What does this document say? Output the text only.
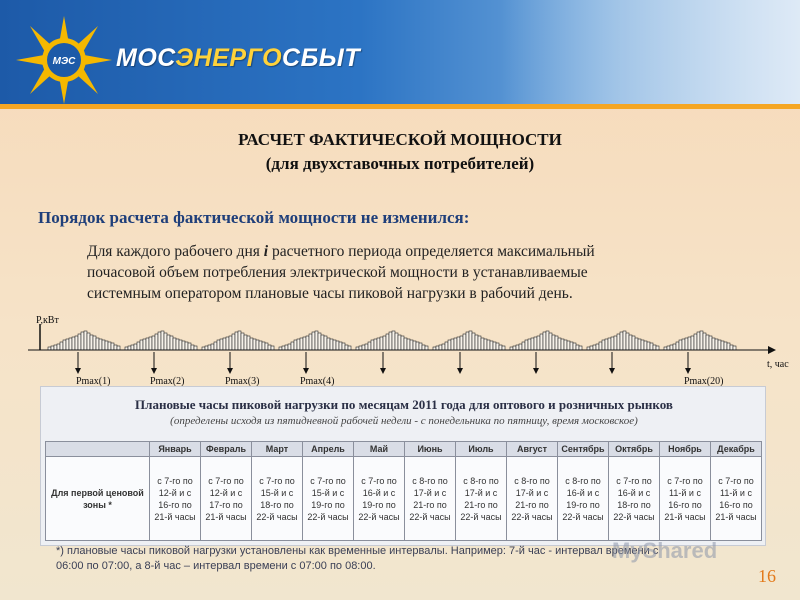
МЭС МОСЭНЕРГОСБЫТ
РАСЧЕТ ФАКТИЧЕСКОЙ МОЩНОСТИ
(для двухставочных потребителей)
Порядок расчета фактической мощности не изменился:
Для каждого рабочего дня i расчетного периода определяется максимальный
почасовой объем потребления электрической мощности в устанавливаемые
системным оператором плановые часы пиковой нагрузки в рабочий день.
P,кВт
t, час
Pmax(1)	Pmax(2)	Pmax(3)	Pmax(4)	Pmax(20)
Плановые часы пиковой нагрузки по месяцам 2011 года для оптового и розничных рынков
(определены исходя из пятидневной рабочей недели - с понедельника по пятницу, время московское)
	Январь	Февраль	Март	Апрель	Май	Июнь	Июль	Август	Сентябрь	Октябрь	Ноябрь	Декабрь
Для первой ценовой зоны *	с 7-го по 12-й и с 16-го по 21-й часы	с 7-го по 12-й и с 17-го по 21-й часы	с 7-го по 15-й и с 18-го по 22-й часы	с 7-го по 15-й и с 19-го по 22-й часы	с 7-го по 16-й и с 19-го по 22-й часы	с 8-го по 17-й и с 21-го по 22-й часы	с 8-го по 17-й и с 21-го по 22-й часы	с 8-го по 17-й и с 21-го по 22-й часы	с 8-го по 16-й и с 19-го по 22-й часы	с 7-го по 16-й и с 18-го по 22-й часы	с 7-го по 11-й и с 16-го по 21-й часы	с 7-го по 11-й и с 16-го по 21-й часы
*) плановые часы пиковой нагрузки установлены как временные интервалы. Например: 7-й час - интервал времени с
06:00 по 07:00, а 8-й час – интервал времени с 07:00 по 08:00.
MyShared
16
